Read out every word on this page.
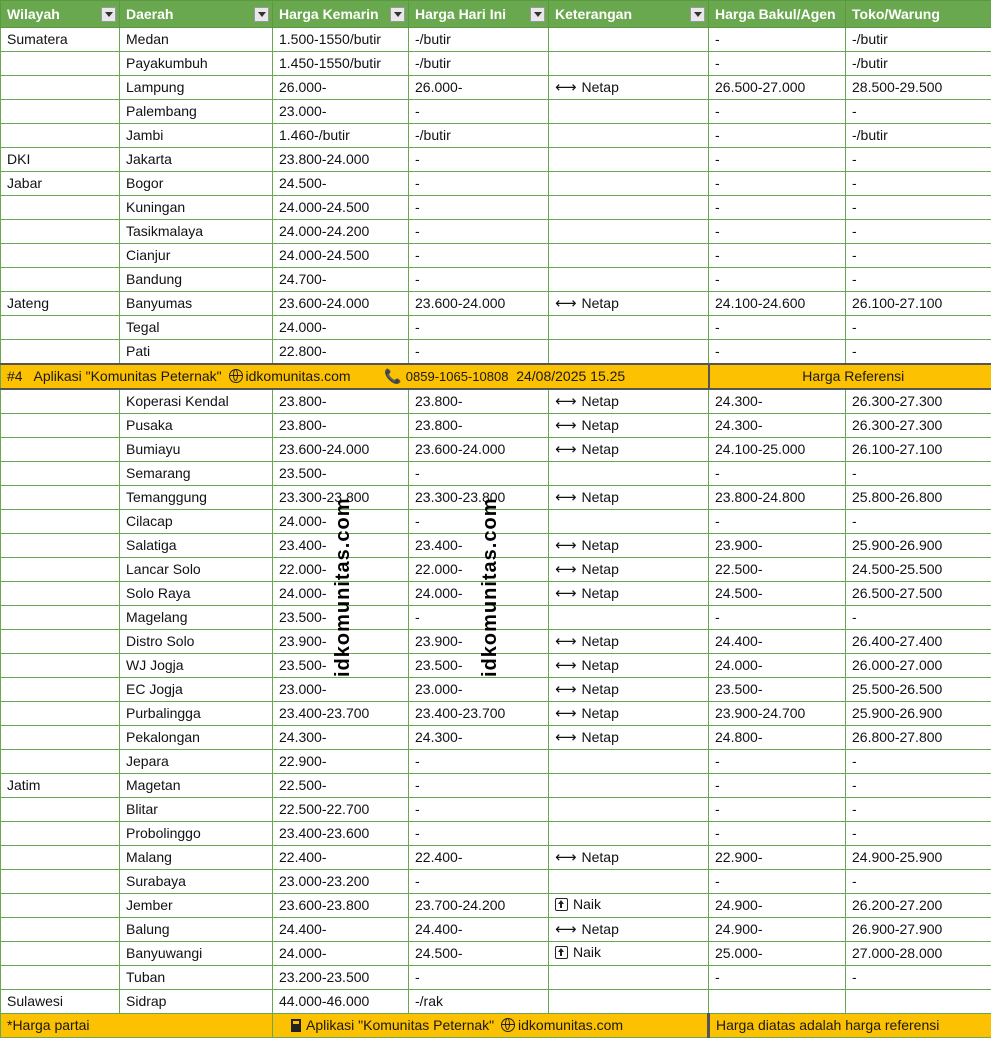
Wilayah	Daerah	Harga Kemarin	Harga Hari Ini	Keterangan	Harga Bakul/Agen	Toko/Warung
Sumatera	Medan	1.500-1550/butir	-/butir		-	-/butir
	Payakumbuh	1.450-1550/butir	-/butir		-	-/butir
	Lampung	26.000-	26.000-	⟷ Netap	26.500-27.000	28.500-29.500
	Palembang	23.000-	-		-	-
	Jambi	1.460-/butir	-/butir		-	-/butir
DKI	Jakarta	23.800-24.000	-		-	-
Jabar	Bogor	24.500-	-		-	-
	Kuningan	24.000-24.500	-		-	-
	Tasikmalaya	24.000-24.200	-		-	-
	Cianjur	24.000-24.500	-		-	-
	Bandung	24.700-	-		-	-
Jateng	Banyumas	23.600-24.000	23.600-24.000	⟷ Netap	24.100-24.600	26.100-27.100
	Tegal	24.000-	-		-	-
	Pati	22.800-	-		-	-
#4 Aplikasi "Komunitas Peternak" idkomunitas.com 📞 0859-1065-10808 24/08/2025 15.25					Harga Referensi	
	Koperasi Kendal	23.800-	23.800-	⟷ Netap	24.300-	26.300-27.300
	Pusaka	23.800-	23.800-	⟷ Netap	24.300-	26.300-27.300
	Bumiayu	23.600-24.000	23.600-24.000	⟷ Netap	24.100-25.000	26.100-27.100
	Semarang	23.500-	-		-	-
	Temanggung	23.300-23.800	23.300-23.800	⟷ Netap	23.800-24.800	25.800-26.800
	Cilacap	24.000-	-		-	-
	Salatiga	23.400-	23.400-	⟷ Netap	23.900-	25.900-26.900
	Lancar Solo	22.000-	22.000-	⟷ Netap	22.500-	24.500-25.500
	Solo Raya	24.000-	24.000-	⟷ Netap	24.500-	26.500-27.500
	Magelang	23.500-	-		-	-
	Distro Solo	23.900-	23.900-	⟷ Netap	24.400-	26.400-27.400
	WJ Jogja	23.500-	23.500-	⟷ Netap	24.000-	26.000-27.000
	EC Jogja	23.000-	23.000-	⟷ Netap	23.500-	25.500-26.500
	Purbalingga	23.400-23.700	23.400-23.700	⟷ Netap	23.900-24.700	25.900-26.900
	Pekalongan	24.300-	24.300-	⟷ Netap	24.800-	26.800-27.800
	Jepara	22.900-	-		-	-
Jatim	Magetan	22.500-	-		-	-
	Blitar	22.500-22.700	-		-	-
	Probolinggo	23.400-23.600	-		-	-
	Malang	22.400-	22.400-	⟷ Netap	22.900-	24.900-25.900
	Surabaya	23.000-23.200	-		-	-
	Jember	23.600-23.800	23.700-24.200	Naik	24.900-	26.200-27.200
	Balung	24.400-	24.400-	⟷ Netap	24.900-	26.900-27.900
	Banyuwangi	24.000-	24.500-	Naik	25.000-	27.000-28.000
	Tuban	23.200-23.500	-		-	-
Sulawesi	Sidrap	44.000-46.000	-/rak			
*Harga partai		Aplikasi "Komunitas Peternak" idkomunitas.com			Harga diatas adalah harga referensi	
idkomunitas.com	idkomunitas.com
